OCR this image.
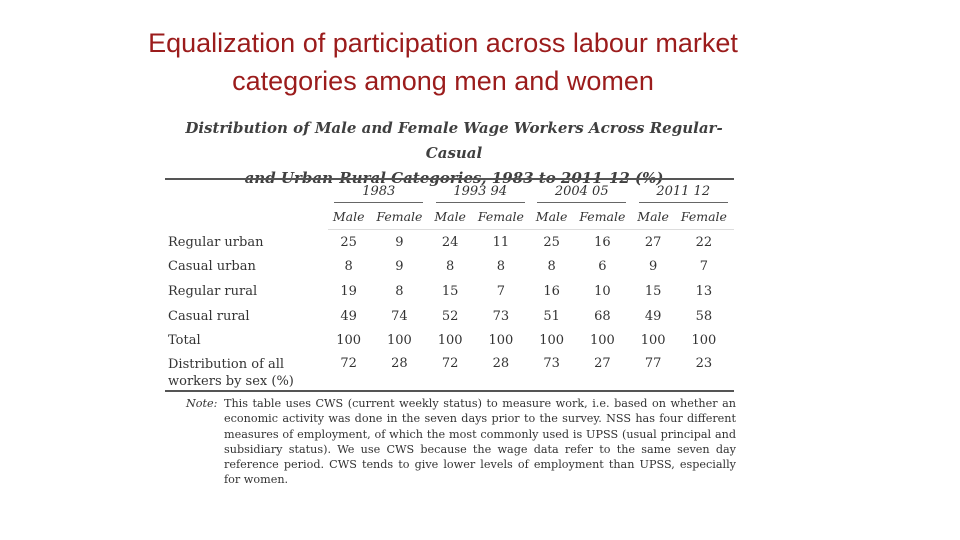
Equalization of participation across labour market
categories among men and women
Distribution of Male and Female Wage Workers Across Regular-Casual
and Urban-Rural Categories, 1983 to 2011-12 (%)
	1983		1993 94		2004 05		2011 12	
	Male	Female	Male	Female	Male	Female	Male	Female
Regular urban	25	9	24	11	25	16	27	22
Casual urban	8	9	8	8	8	6	9	7
Regular rural	19	8	15	7	16	10	15	13
Casual rural	49	74	52	73	51	68	49	58
Total	100	100	100	100	100	100	100	100

Distribution of all
workers by sex (%)	72	28	72	28	73	27	77	23
Note: This table uses CWS (current weekly status) to measure work, i.e. based on whether an economic activity was done in the seven days prior to the survey. NSS has four different measures of employment, of which the most commonly used is UPSS (usual principal and subsidiary status). We use CWS because the wage data refer to the same seven day reference period. CWS tends to give lower levels of employment than UPSS, especially for women.
